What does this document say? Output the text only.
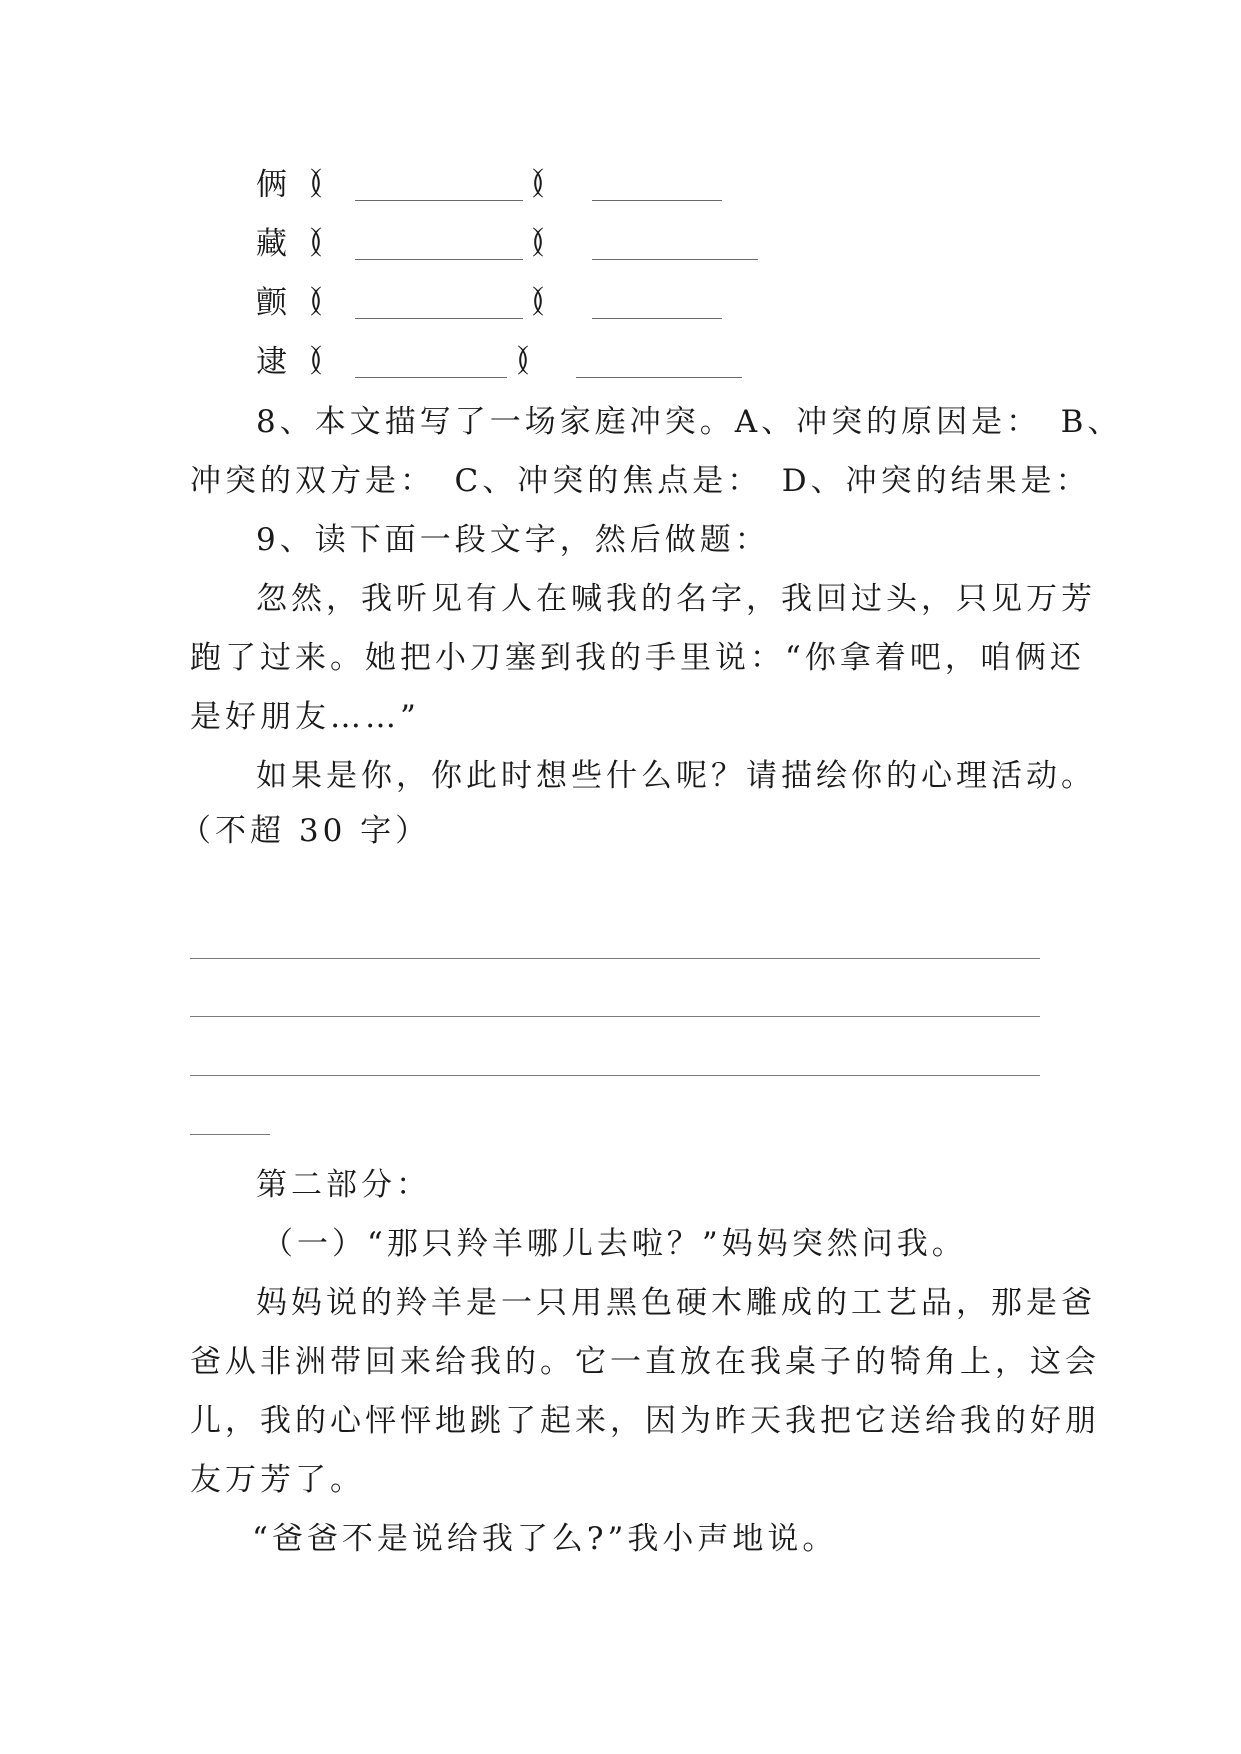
俩 （）	（）
藏 （）	（）
颤 （）	（）
逮 （）	（）
8、本文描写了一场家庭冲突。A、冲突的原因是：　B、
冲突的双方是：　C、冲突的焦点是：　D、冲突的结果是：
9、读下面一段文字，然后做题：
忽然，我听见有人在喊我的名字，我回过头，只见万芳
跑了过来。她把小刀塞到我的手里说：“你拿着吧，咱俩还
是好朋友……”
如果是你，你此时想些什么呢？请描绘你的心理活动。
（不超 30 字）
第二部分：
（一）“那只羚羊哪儿去啦？”妈妈突然问我。
妈妈说的羚羊是一只用黑色硬木雕成的工艺品，那是爸
爸从非洲带回来给我的。它一直放在我桌子的犄角上，这会
儿，我的心怦怦地跳了起来，因为昨天我把它送给我的好朋
友万芳了。
“爸爸不是说给我了么?”我小声地说。
